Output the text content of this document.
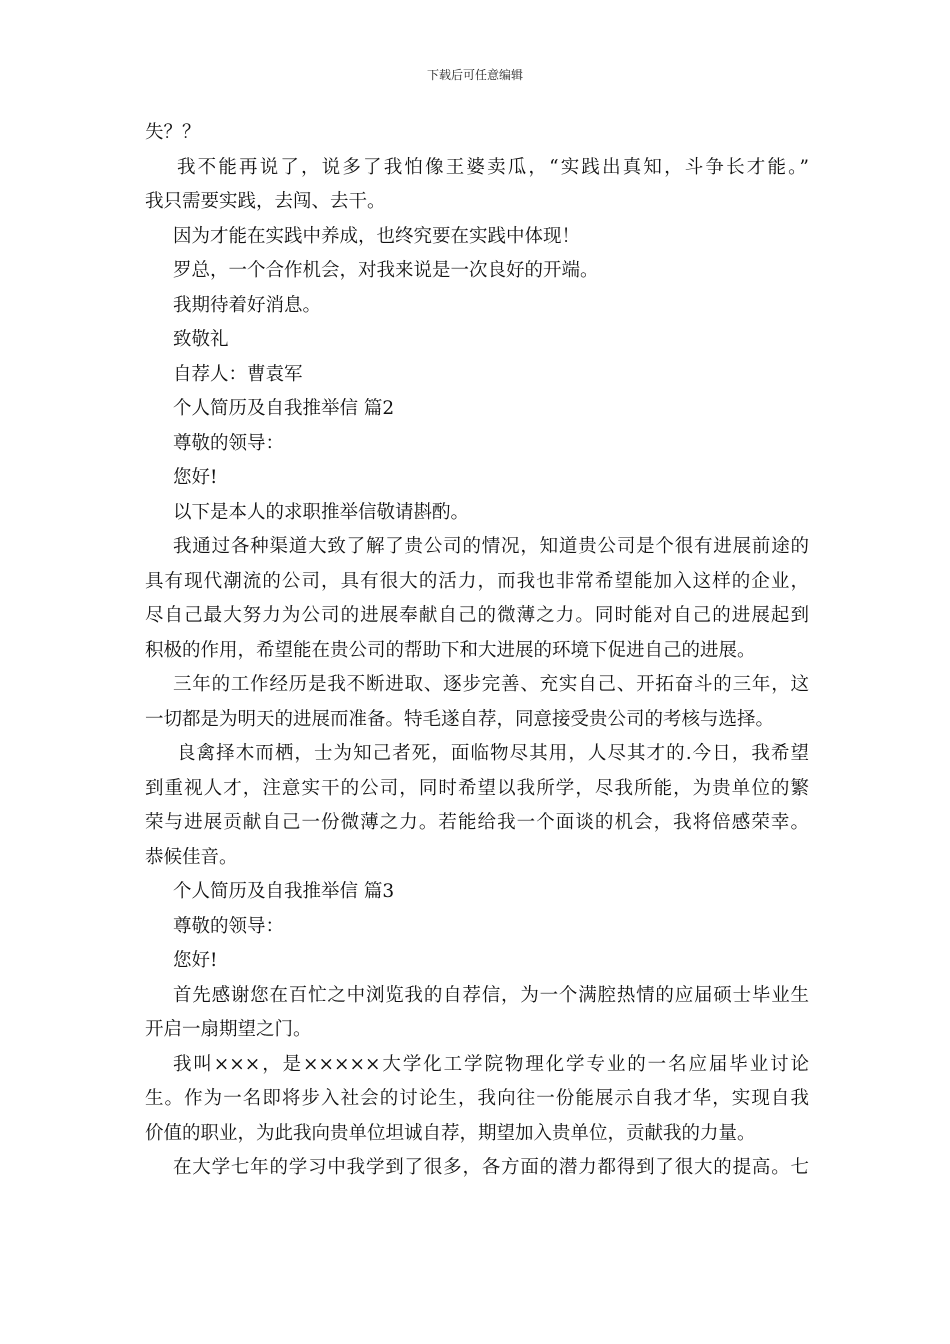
下载后可任意编辑
失？？
我不能再说了，说多了我怕像王婆卖瓜，“实践出真知，斗争长才能。”
我只需要实践，去闯、去干。
因为才能在实践中养成，也终究要在实践中体现！
罗总，一个合作机会，对我来说是一次良好的开端。
我期待着好消息。
致敬礼
自荐人：曹袁军
个人简历及自我推举信 篇2
尊敬的领导：
您好!
以下是本人的求职推举信敬请斟酌。
我通过各种渠道大致了解了贵公司的情况，知道贵公司是个很有进展前途的
具有现代潮流的公司，具有很大的活力，而我也非常希望能加入这样的企业，
尽自己最大努力为公司的进展奉献自己的微薄之力。同时能对自己的进展起到
积极的作用，希望能在贵公司的帮助下和大进展的环境下促进自己的进展。
三年的工作经历是我不断进取、逐步完善、充实自己、开拓奋斗的三年，这
一切都是为明天的进展而准备。特毛遂自荐，同意接受贵公司的考核与选择。
良禽择木而栖，士为知己者死，面临物尽其用，人尽其才的.今日，我希望
到重视人才，注意实干的公司，同时希望以我所学，尽我所能，为贵单位的繁
荣与进展贡献自己一份微薄之力。若能给我一个面谈的机会，我将倍感荣幸。
恭候佳音。
个人简历及自我推举信 篇3
尊敬的领导：
您好!
首先感谢您在百忙之中浏览我的自荐信，为一个满腔热情的应届硕士毕业生
开启一扇期望之门。
我叫×××，是×××××大学化工学院物理化学专业的一名应届毕业讨论
生。作为一名即将步入社会的讨论生，我向往一份能展示自我才华，实现自我
价值的职业，为此我向贵单位坦诚自荐，期望加入贵单位，贡献我的力量。
在大学七年的学习中我学到了很多，各方面的潜力都得到了很大的提高。七
